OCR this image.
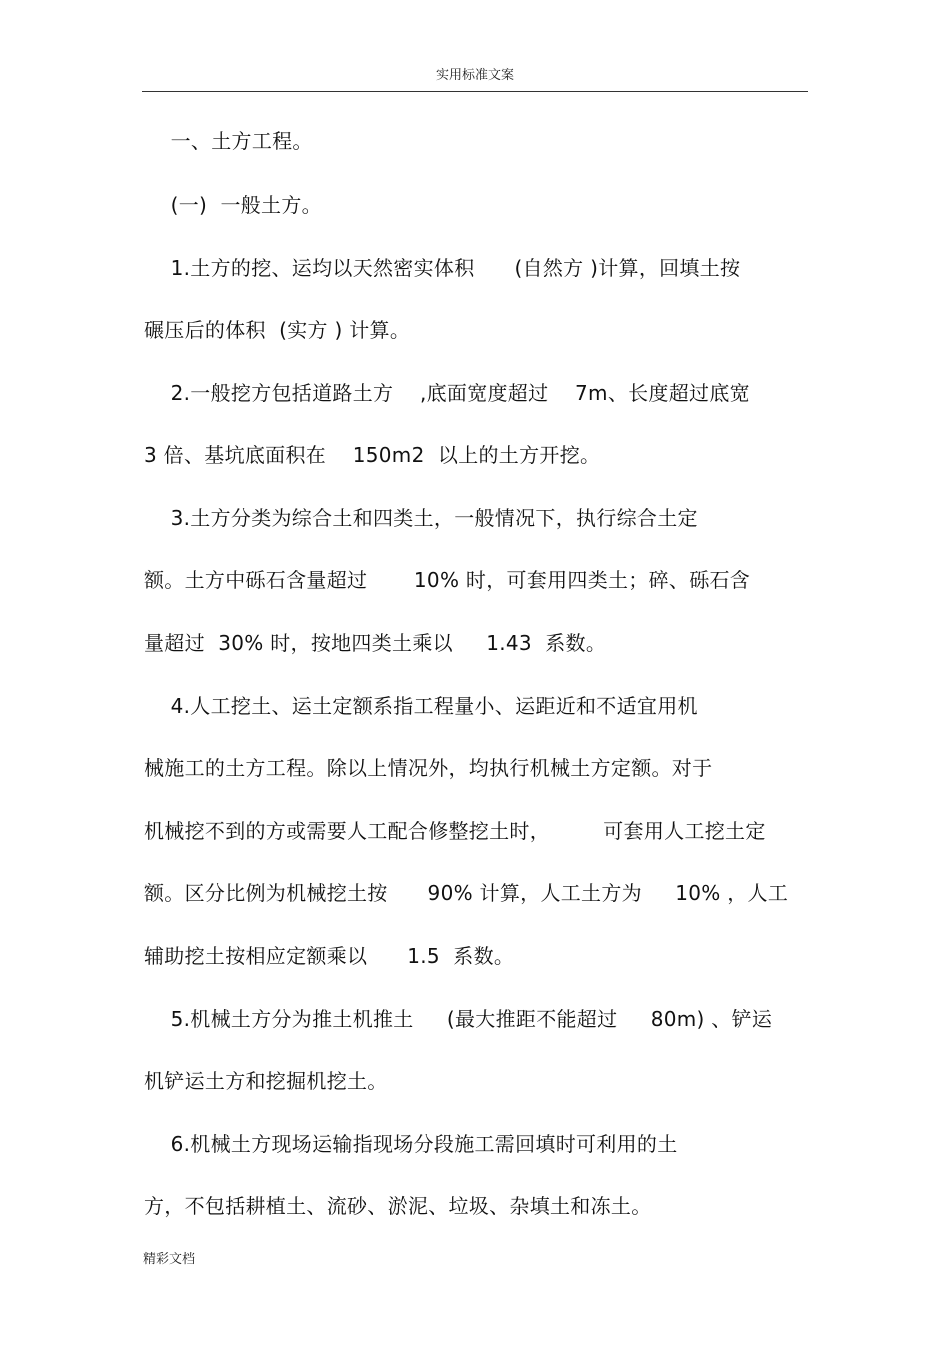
实用标准文案
一、土方工程。
(一)  一般土方。
1.土方的挖、运均以天然密实体积      (自然方 )计算，回填土按
碾压后的体积  (实方 ) 计算。
2.一般挖方包括道路土方    ,底面宽度超过    7m、长度超过底宽
3 倍、基坑底面积在    150m2  以上的土方开挖。
3.土方分类为综合土和四类土，一般情况下，执行综合土定
额。土方中砾石含量超过       10% 时，可套用四类土；碎、砾石含
量超过  30% 时，按地四类土乘以     1.43  系数。
4.人工挖土、运土定额系指工程量小、运距近和不适宜用机
械施工的土方工程。除以上情况外，均执行机械土方定额。对于
机械挖不到的方或需要人工配合修整挖土时，        可套用人工挖土定
额。区分比例为机械挖土按      90% 计算，人工土方为     10% ，人工
辅助挖土按相应定额乘以      1.5  系数。
5.机械土方分为推土机推土     (最大推距不能超过     80m) 、铲运
机铲运土方和挖掘机挖土。
6.机械土方现场运输指现场分段施工需回填时可利用的土
方，不包括耕植土、流砂、淤泥、垃圾、杂填土和冻土。
精彩文档
